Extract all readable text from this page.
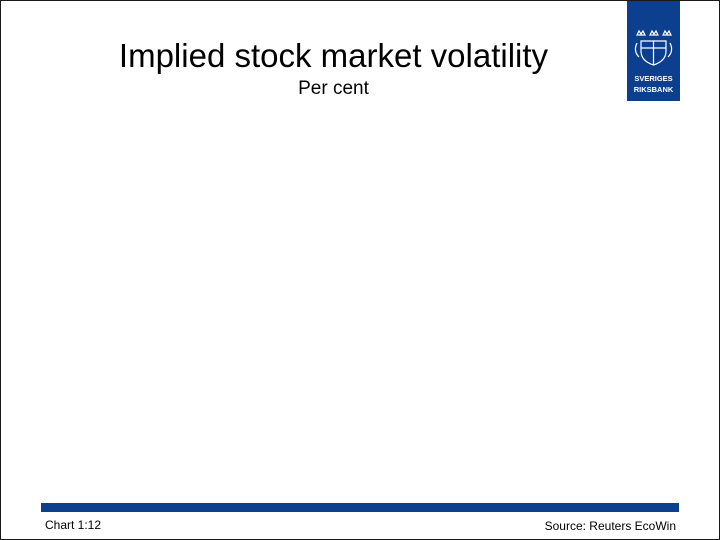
Implied stock market volatility
Per cent	SVERIGES
RIKSBANK
Chart 1:12	Source: Reuters EcoWin
